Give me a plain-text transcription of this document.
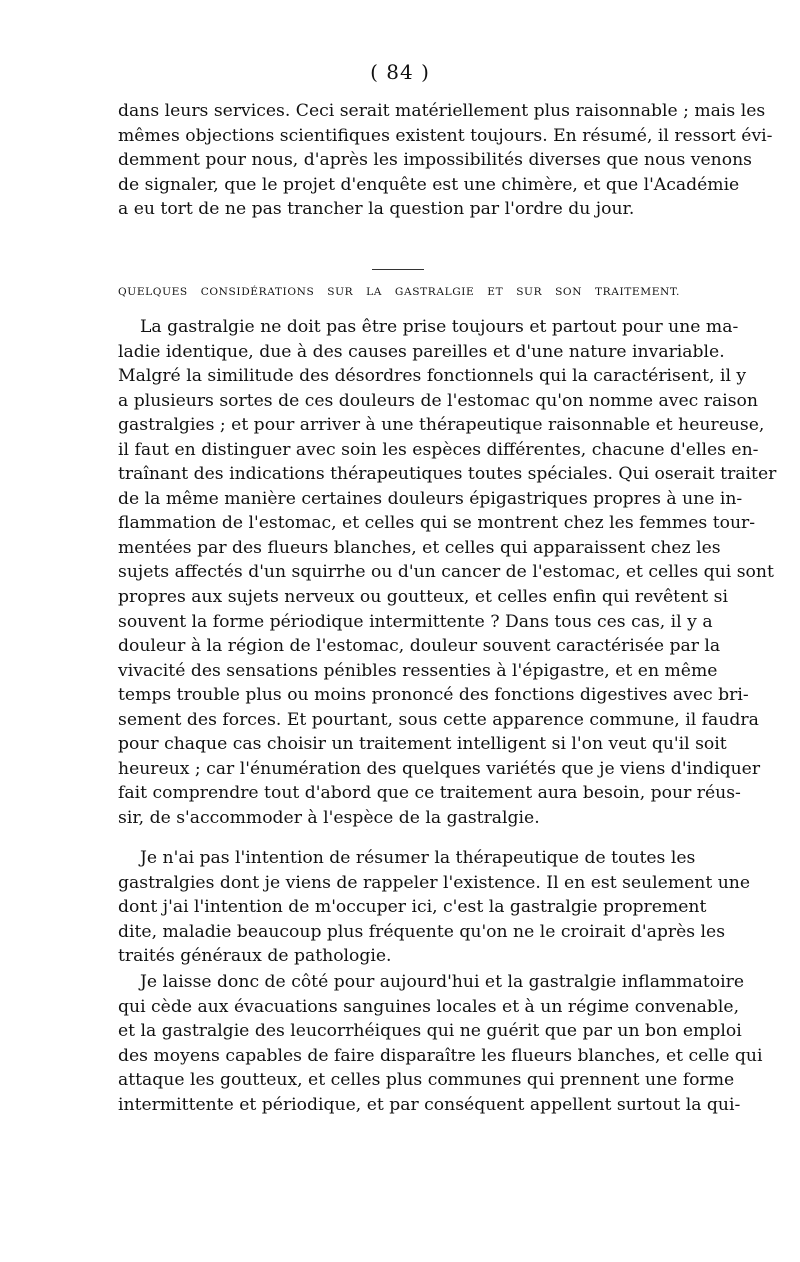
( 84 )
dans leurs services. Ceci serait matériellement plus raisonnable ; mais les
mêmes objections scientifiques existent toujours. En résumé, il ressort évi-
demment pour nous, d'après les impossibilités diverses que nous venons
de signaler, que le projet d'enquête est une chimère, et que l'Académie
a eu tort de ne pas trancher la question par l'ordre du jour.
QUELQUES CONSIDÉRATIONS SUR LA GASTRALGIE ET SUR SON TRAITEMENT.
La gastralgie ne doit pas être prise toujours et partout pour une ma-
ladie identique, due à des causes pareilles et d'une nature invariable.
Malgré la similitude des désordres fonctionnels qui la caractérisent, il y
a plusieurs sortes de ces douleurs de l'estomac qu'on nomme avec raison
gastralgies ; et pour arriver à une thérapeutique raisonnable et heureuse,
il faut en distinguer avec soin les espèces différentes, chacune d'elles en-
traînant des indications thérapeutiques toutes spéciales. Qui oserait traiter
de la même manière certaines douleurs épigastriques propres à une in-
flammation de l'estomac, et celles qui se montrent chez les femmes tour-
mentées par des flueurs blanches, et celles qui apparaissent chez les
sujets affectés d'un squirrhe ou d'un cancer de l'estomac, et celles qui sont
propres aux sujets nerveux ou goutteux, et celles enfin qui revêtent si
souvent la forme périodique intermittente ? Dans tous ces cas, il y a
douleur à la région de l'estomac, douleur souvent caractérisée par la
vivacité des sensations pénibles ressenties à l'épigastre, et en même
temps trouble plus ou moins prononcé des fonctions digestives avec bri-
sement des forces. Et pourtant, sous cette apparence commune, il faudra
pour chaque cas choisir un traitement intelligent si l'on veut qu'il soit
heureux ; car l'énumération des quelques variétés que je viens d'indiquer
fait comprendre tout d'abord que ce traitement aura besoin, pour réus-
sir, de s'accommoder à l'espèce de la gastralgie.
Je n'ai pas l'intention de résumer la thérapeutique de toutes les
gastralgies dont je viens de rappeler l'existence. Il en est seulement une
dont j'ai l'intention de m'occuper ici, c'est la gastralgie proprement
dite, maladie beaucoup plus fréquente qu'on ne le croirait d'après les
traités généraux de pathologie.
Je laisse donc de côté pour aujourd'hui et la gastralgie inflammatoire
qui cède aux évacuations sanguines locales et à un régime convenable,
et la gastralgie des leucorrhéiques qui ne guérit que par un bon emploi
des moyens capables de faire disparaître les flueurs blanches, et celle qui
attaque les goutteux, et celles plus communes qui prennent une forme
intermittente et périodique, et par conséquent appellent surtout la qui-
